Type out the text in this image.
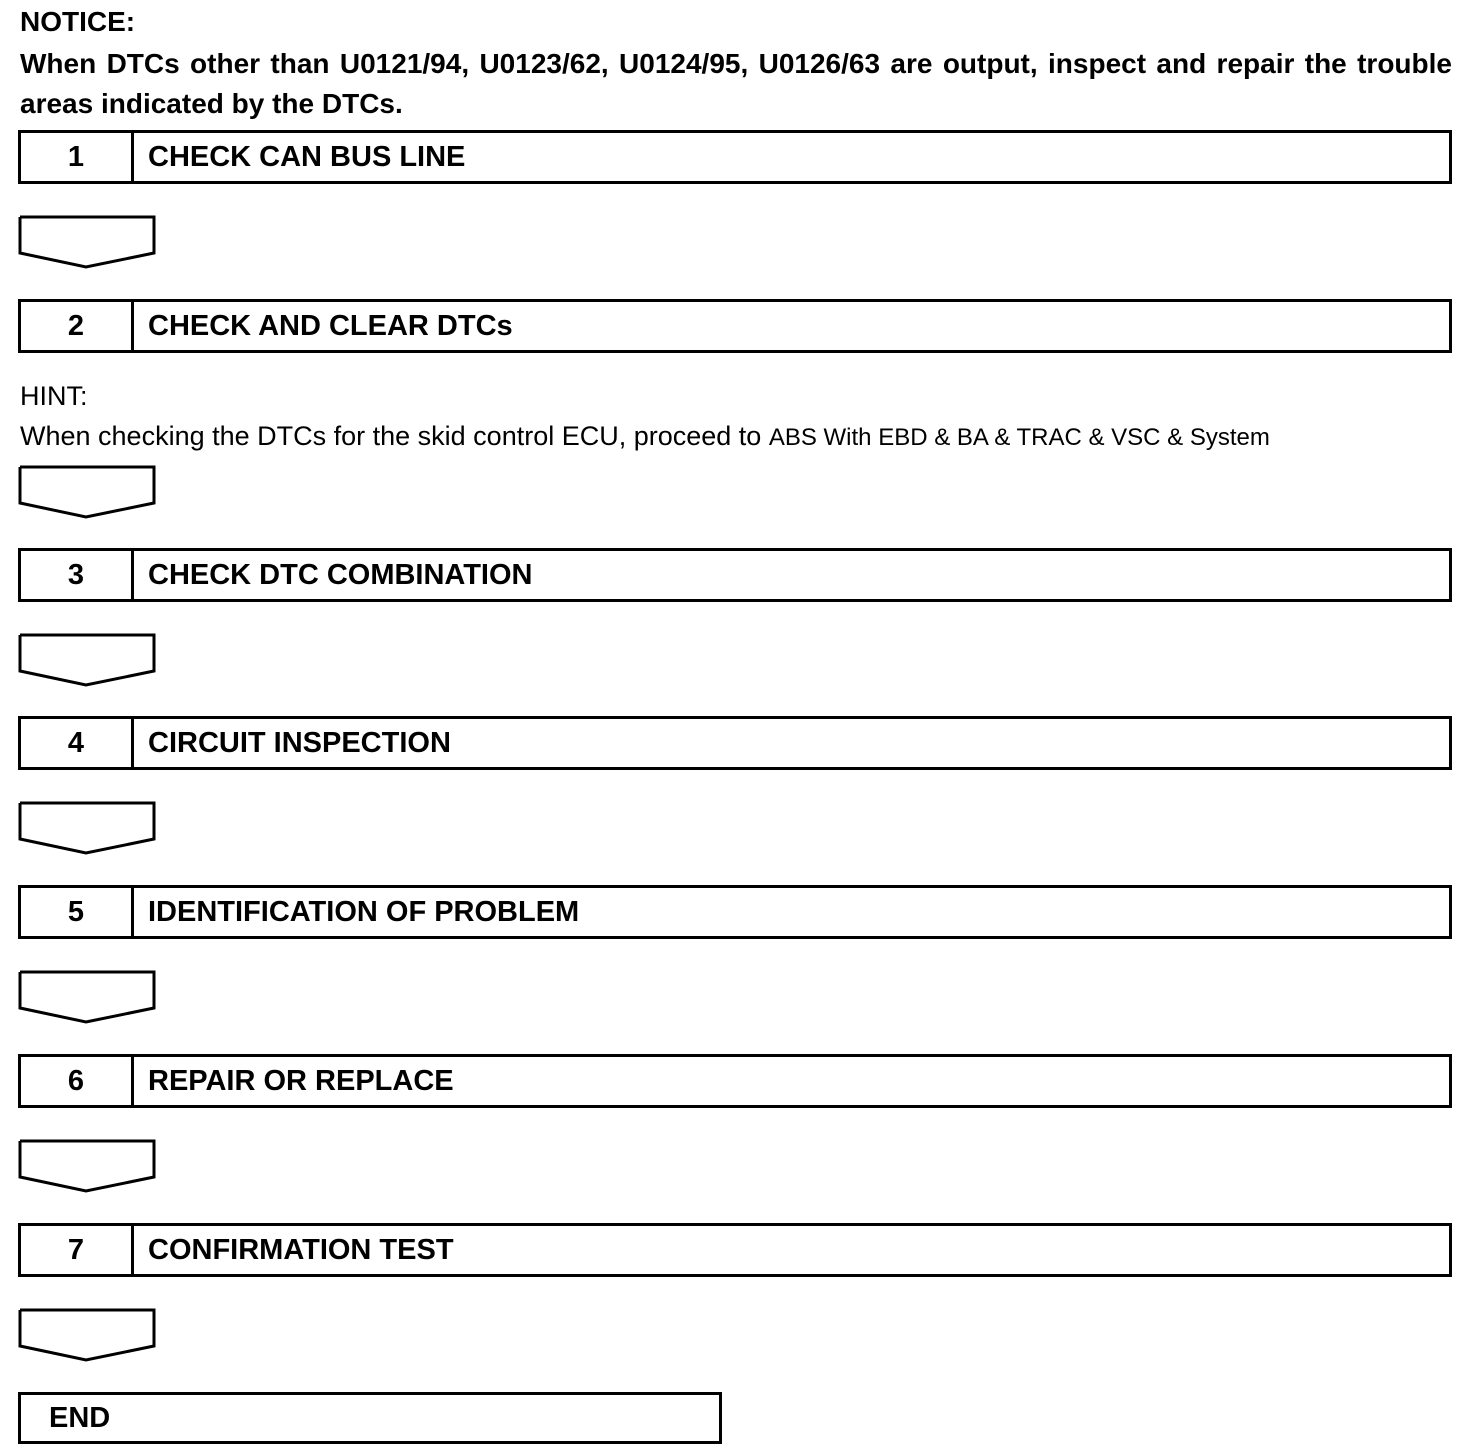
NOTICE:
When DTCs other than U0121/94, U0123/62, U0124/95, U0126/63 are output, inspect and repair the trouble areas indicated by the DTCs.
1	CHECK CAN BUS LINE
2	CHECK AND CLEAR DTCs
HINT:
When checking the DTCs for the skid control ECU, proceed to ABS With EBD & BA & TRAC & VSC & System
3	CHECK DTC COMBINATION
4	CIRCUIT INSPECTION
5	IDENTIFICATION OF PROBLEM
6	REPAIR OR REPLACE
7	CONFIRMATION TEST
END
